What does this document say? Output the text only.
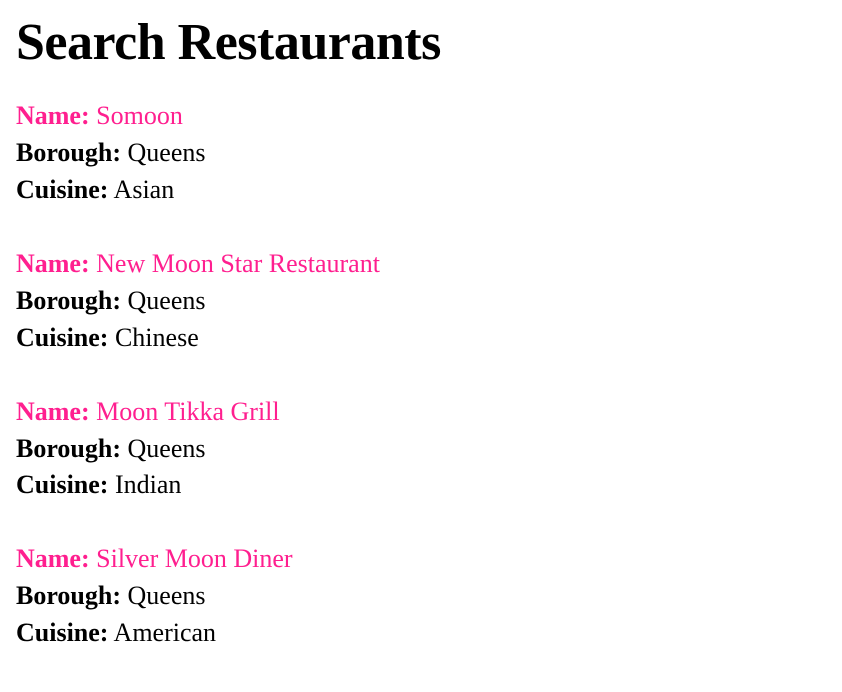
Search Restaurants
Name: Somoon
Borough: Queens
Cuisine: Asian
Name: New Moon Star Restaurant
Borough: Queens
Cuisine: Chinese
Name: Moon Tikka Grill
Borough: Queens
Cuisine: Indian
Name: Silver Moon Diner
Borough: Queens
Cuisine: American
